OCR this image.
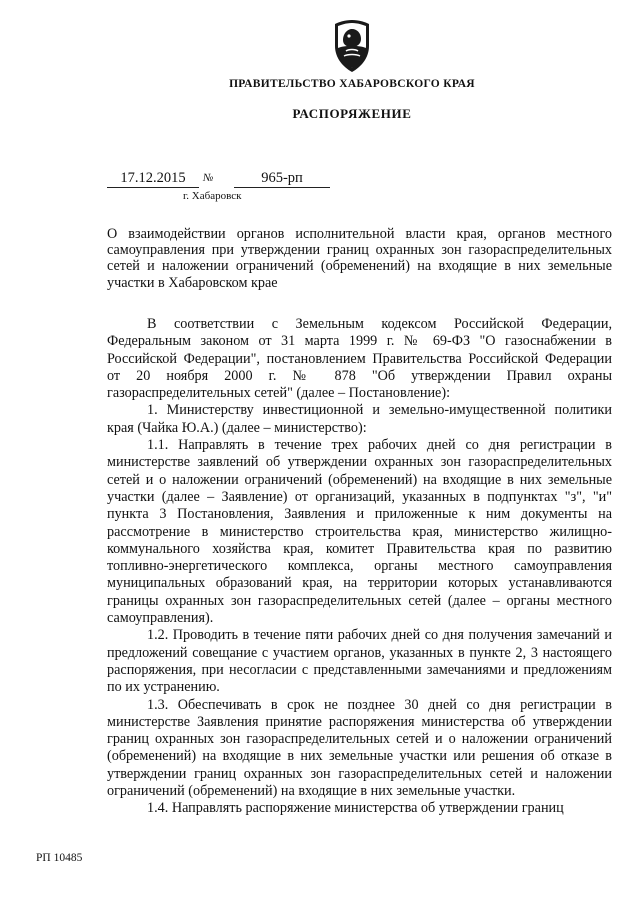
ПРАВИТЕЛЬСТВО ХАБАРОВСКОГО КРАЯ
РАСПОРЯЖЕНИЕ
17.12.2015	№	965-рп
г. Хабаровск
О взаимодействии органов исполнительной власти края, органов местного самоуправления при утверждении границ охранных зон газораспределительных сетей и наложении ограничений (обременений) на входящие в них земельные участки в Хабаровском крае

В соответствии с Земельным кодексом Российской Федерации, Федеральным законом от 31 марта 1999 г. № 69-ФЗ "О газоснабжении в Российской Федерации", постановлением Правительства Российской Федерации от 20 ноября 2000 г. № 878 "Об утверждении Правил охраны газораспределительных сетей" (далее – Постановление):

1. Министерству инвестиционной и земельно-имущественной политики края (Чайка Ю.А.) (далее – министерство):

1.1. Направлять в течение трех рабочих дней со дня регистрации в министерстве заявлений об утверждении охранных зон газораспределительных сетей и о наложении ограничений (обременений) на входящие в них земельные участки (далее – Заявление) от организаций, указанных в подпунктах "з", "и" пункта 3 Постановления, Заявления и приложенные к ним документы на рассмотрение в министерство строительства края, министерство жилищно-коммунального хозяйства края, комитет Правительства края по развитию топливно-энергетического комплекса, органы местного самоуправления муниципальных образований края, на территории которых устанавливаются границы охранных зон газораспределительных сетей (далее – органы местного самоуправления).

1.2. Проводить в течение пяти рабочих дней со дня получения замечаний и предложений совещание с участием органов, указанных в пункте 2, 3 настоящего распоряжения, при несогласии с представленными замечаниями и предложениям по их устранению.

1.3. Обеспечивать в срок не позднее 30 дней со дня регистрации в министерстве Заявления принятие распоряжения министерства об утверждении границ охранных зон газораспределительных сетей и о наложении ограничений (обременений) на входящие в них земельные участки или решения об отказе в утверждении границ охранных зон газораспределительных сетей и наложении ограничений (обременений) на входящие в них земельные участки.

1.4. Направлять распоряжение министерства об утверждении границ

РП 10485
